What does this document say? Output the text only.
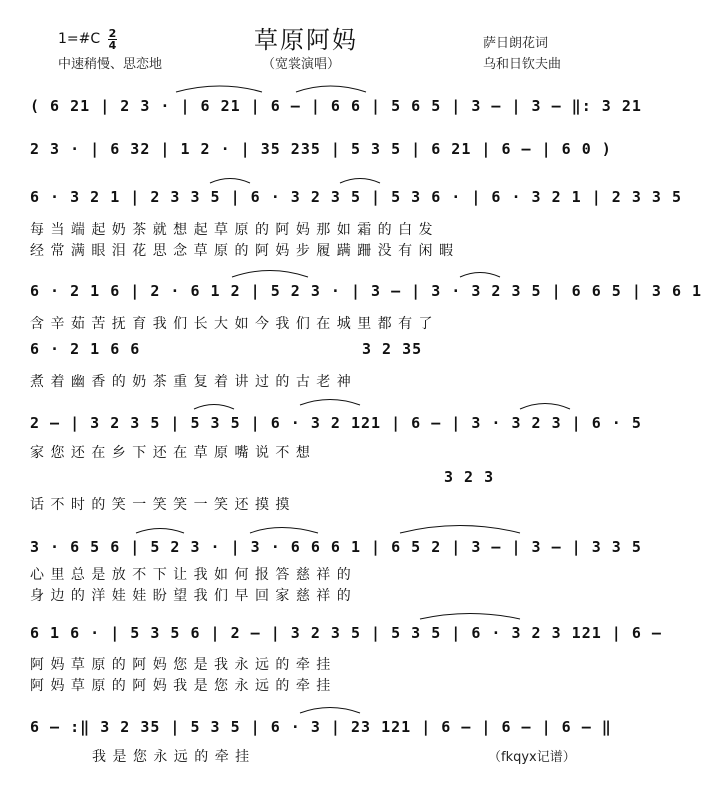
草原阿妈
1=#C 2
4
中速稍慢、思恋地	（宽裳演唱）
萨日朗花词
乌和日钦夫曲
( 6 21 | 2 3 · | 6 21 | 6 – | 6 6 | 5 6 5 | 3 – | 3 – ‖: 3 21
2 3 · | 6 32 | 1 2 · | 35 235 | 5 3 5 | 6 21 | 6 – | 6 0 )
6 · 3 2 1 | 2 3 3 5 | 6 · 3 2 3 5 | 5 3 6 · | 6 · 3 2 1 | 2 3 3 5
每 当 端 起 奶 茶 就 想 起 草 原 的 阿 妈 那 如 霜 的 白 发
经 常 满 眼 泪 花 思 念 草 原 的 阿 妈 步 履 蹒 跚 没 有 闲 暇
6 · 2 1 6 | 2 · 6 1 2 | 5 2 3 · | 3 – | 3 · 3 2 3 5 | 6 6 5 | 3 6 1
含 辛 茹 苦 抚 育 我 们 长 大 如 今 我 们 在 城 里 都 有 了
6 · 2 1 6 6	3 2 35
煮 着 幽 香 的 奶 茶 重 复 着 讲 过 的 古 老 神
2 – | 3 2 3 5 | 5 3 5 | 6 · 3 2 121 | 6 – | 3 · 3 2 3 | 6 · 5
家 您 还 在 乡 下 还 在 草 原 嘴 说 不 想
3 2 3
话 不 时 的 笑 一 笑 笑 一 笑 还 摸 摸
3 · 6 5 6 | 5 2 3 · | 3 · 6 6 6 1 | 6 5 2 | 3 – | 3 – | 3 3 5
心 里 总 是 放 不 下 让 我 如 何 报 答 慈 祥 的
身 边 的 洋 娃 娃 盼 望 我 们 早 回 家 慈 祥 的
6 1 6 · | 5 3 5 6 | 2 – | 3 2 3 5 | 5 3 5 | 6 · 3 2 3 121 | 6 –
阿 妈 草 原 的 阿 妈 您 是 我 永 远 的 牵 挂
阿 妈 草 原 的 阿 妈 我 是 您 永 远 的 牵 挂
6 – :‖ 3 2 35 | 5 3 5 | 6 · 3 | 23 121 | 6 – | 6 – | 6 – ‖
我 是 您 永 远 的 牵 挂	（fkqyx记谱）
